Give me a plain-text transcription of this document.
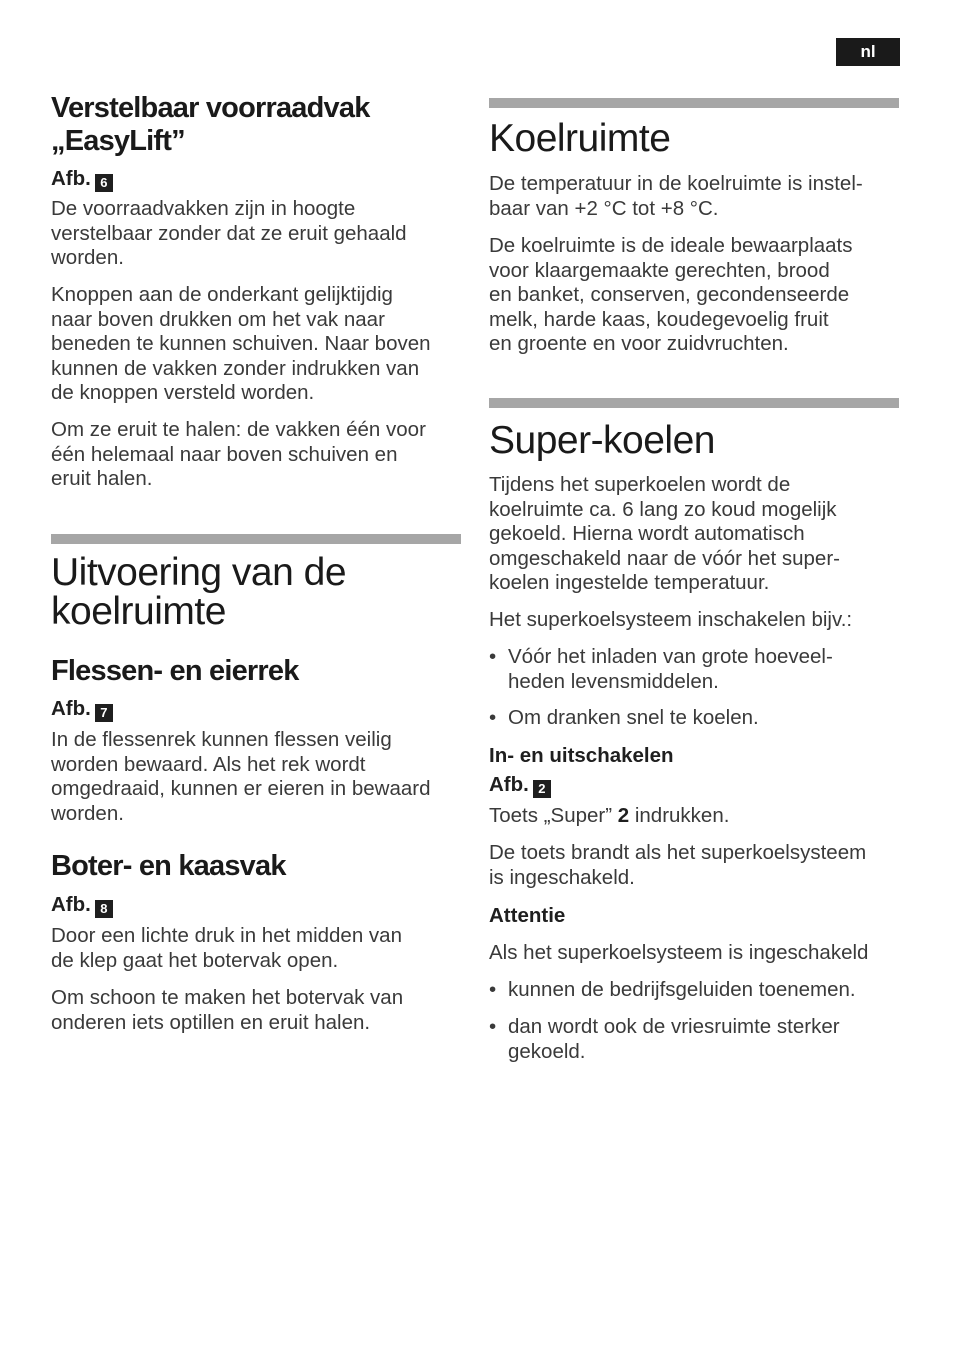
nl
Verstelbaar voorraadvak
„EasyLift”
Afb. 6
De voorraadvakken zijn in hoogte
verstelbaar zonder dat ze eruit gehaald
worden.
Knoppen aan de onderkant gelijktijdig
naar boven drukken om het vak naar
beneden te kunnen schuiven. Naar boven
kunnen de vakken zonder indrukken van
de knoppen versteld worden.
Om ze eruit te halen: de vakken één voor
één helemaal naar boven schuiven en
eruit halen.
Uitvoering van de
koelruimte
Flessen- en eierrek
Afb. 7
In de flessenrek kunnen flessen veilig
worden bewaard. Als het rek wordt
omgedraaid, kunnen er eieren in bewaard
worden.
Boter- en kaasvak
Afb. 8
Door een lichte druk in het midden van
de klep gaat het botervak open.
Om schoon te maken het botervak van
onderen iets optillen en eruit halen.
Koelruimte
De temperatuur in de koelruimte is instel-
baar van +2 °C tot +8 °C.
De koelruimte is de ideale bewaarplaats
voor klaargemaakte gerechten, brood
en banket, conserven, gecondenseerde
melk, harde kaas, koudegevoelig fruit
en groente en voor zuidvruchten.
Super-koelen
Tijdens het superkoelen wordt de
koelruimte ca. 6 lang zo koud mogelijk
gekoeld. Hierna wordt automatisch
omgeschakeld naar de vóór het super-
koelen ingestelde temperatuur.
Het superkoelsysteem inschakelen bijv.:
• Vóór het inladen van grote hoeveel-
heden levensmiddelen.
• Om dranken snel te koelen.
In- en uitschakelen
Afb. 2
Toets „Super” 2 indrukken.
De toets brandt als het superkoelsysteem
is ingeschakeld.
Attentie
Als het superkoelsysteem is ingeschakeld
• kunnen de bedrijfsgeluiden toenemen.
• dan wordt ook de vriesruimte sterker
gekoeld.
